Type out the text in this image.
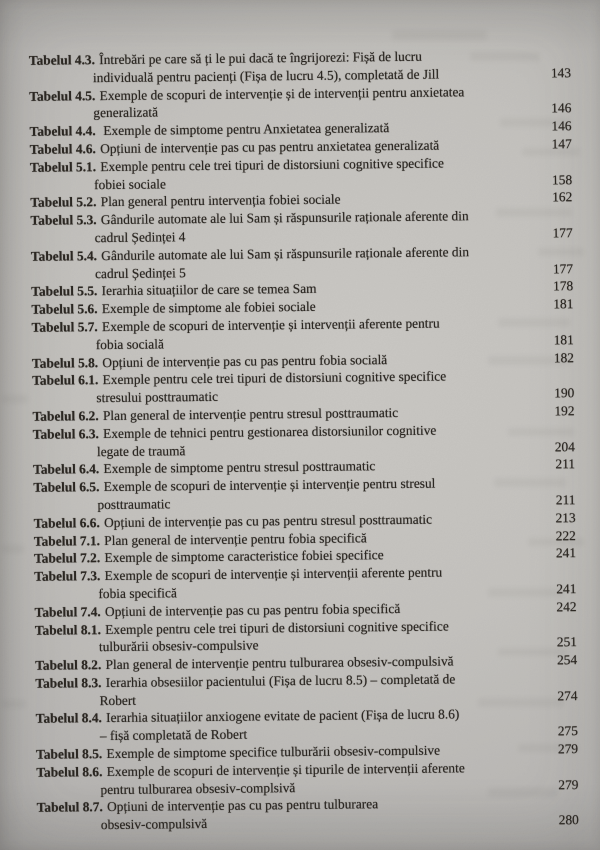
Tabelul 4.3. Întrebări pe care să ți le pui dacă te îngrijorezi: Fișă de lucru
individuală pentru pacienți (Fișa de lucru 4.5), completată de Jill	143
Tabelul 4.5. Exemple de scopuri de intervenție și de intervenții pentru anxietatea
generalizată	146
Tabelul 4.4. Exemple de simptome pentru Anxietatea generalizată	146
Tabelul 4.6. Opțiuni de intervenție pas cu pas pentru anxietatea generalizată	147
Tabelul 5.1. Exemple pentru cele trei tipuri de distorsiuni cognitive specifice
fobiei sociale	158
Tabelul 5.2. Plan general pentru intervenția fobiei sociale	162
Tabelul 5.3. Gândurile automate ale lui Sam și răspunsurile raționale aferente din
cadrul Ședinței 4	177
Tabelul 5.4. Gândurile automate ale lui Sam și răspunsurile raționale aferente din
cadrul Ședinței 5	177
Tabelul 5.5. Ierarhia situațiilor de care se temea Sam	178
Tabelul 5.6. Exemple de simptome ale fobiei sociale	181
Tabelul 5.7. Exemple de scopuri de intervenție și intervenții aferente pentru
fobia socială	181
Tabelul 5.8. Opțiuni de intervenție pas cu pas pentru fobia socială	182
Tabelul 6.1. Exemple pentru cele trei tipuri de distorsiuni cognitive specifice
stresului posttraumatic	190
Tabelul 6.2. Plan general de intervenție pentru stresul posttraumatic	192
Tabelul 6.3. Exemple de tehnici pentru gestionarea distorsiunilor cognitive
legate de traumă	204
Tabelul 6.4. Exemple de simptome pentru stresul posttraumatic	211
Tabelul 6.5. Exemple de scopuri de intervenție și intervenție pentru stresul
posttraumatic	211
Tabelul 6.6. Opțiuni de intervenție pas cu pas pentru stresul posttraumatic	213
Tabelul 7.1. Plan general de intervenție pentru fobia specifică	222
Tabelul 7.2. Exemple de simptome caracteristice fobiei specifice	241
Tabelul 7.3. Exemple de scopuri de intervenție și intervenții aferente pentru
fobia specifică	241
Tabelul 7.4. Opțiuni de intervenție pas cu pas pentru fobia specifică	242
Tabelul 8.1. Exemple pentru cele trei tipuri de distorsiuni cognitive specifice
tulburării obsesiv-compulsive	251
Tabelul 8.2. Plan general de intervenție pentru tulburarea obsesiv-compulsivă	254
Tabelul 8.3. Ierarhia obsesiilor pacientului (Fișa de lucru 8.5) – completată de
Robert	274
Tabelul 8.4. Ierarhia situațiilor anxiogene evitate de pacient (Fișa de lucru 8.6)
– fișă completată de Robert	275
Tabelul 8.5. Exemple de simptome specifice tulburării obsesiv-compulsive	279
Tabelul 8.6. Exemple de scopuri de intervenție și tipurile de intervenții aferente
pentru tulburarea obsesiv-complsivă	279
Tabelul 8.7. Opțiuni de intervenție pas cu pas pentru tulburarea
obsesiv-compulsivă	280
